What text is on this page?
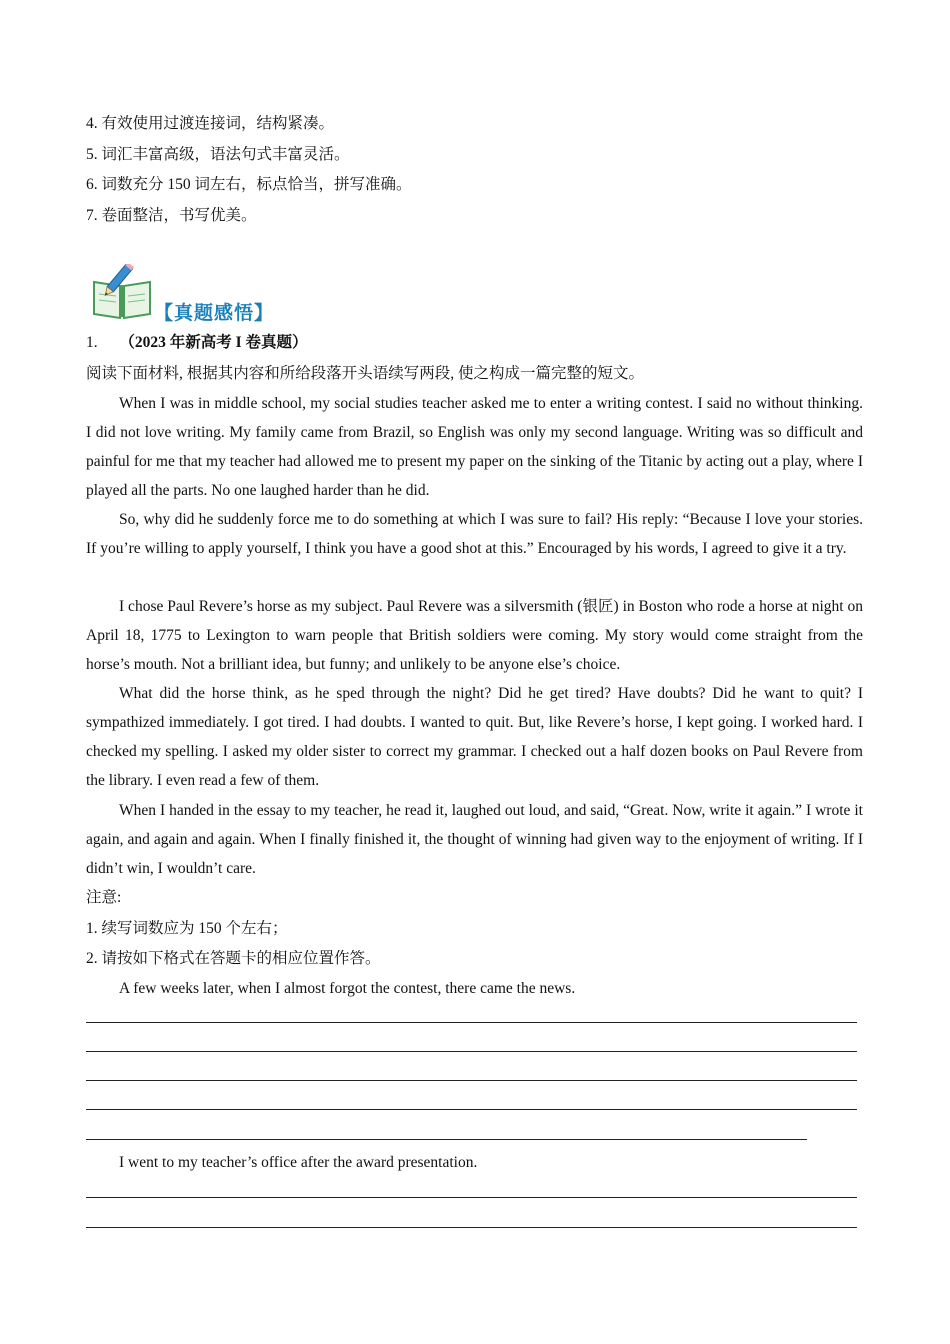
4. 有效使用过渡连接词，结构紧凑。
5. 词汇丰富高级，语法句式丰富灵活。
6. 词数充分 150 词左右，标点恰当，拼写准确。
7. 卷面整洁，书写优美。
【真题感悟】
1. （2023 年新高考 I 卷真题）
阅读下面材料, 根据其内容和所给段落开头语续写两段, 使之构成一篇完整的短文。

When I was in middle school, my social studies teacher asked me to enter a writing contest. I said no without thinking. I did not love writing. My family came from Brazil, so English was only my second language. Writing was so difficult and painful for me that my teacher had allowed me to present my paper on the sinking of the Titanic by acting out a play, where I played all the parts. No one laughed harder than he did.

So, why did he suddenly force me to do something at which I was sure to fail? His reply: “Because I love your stories. If you’re willing to apply yourself, I think you have a good shot at this.” Encouraged by his words, I agreed to give it a try.

I chose Paul Revere’s horse as my subject. Paul Revere was a silversmith (银匠) in Boston who rode a horse at night on April 18, 1775 to Lexington to warn people that British soldiers were coming. My story would come straight from the horse’s mouth. Not a brilliant idea, but funny; and unlikely to be anyone else’s choice.

What did the horse think, as he sped through the night? Did he get tired? Have doubts? Did he want to quit? I sympathized immediately. I got tired. I had doubts. I wanted to quit. But, like Revere’s horse, I kept going. I worked hard. I checked my spelling. I asked my older sister to correct my grammar. I checked out a half dozen books on Paul Revere from the library. I even read a few of them.

When I handed in the essay to my teacher, he read it, laughed out loud, and said, “Great. Now, write it again.” I wrote it again, and again and again. When I finally finished it, the thought of winning had given way to the enjoyment of writing. If I didn’t win, I wouldn’t care.

注意:
1. 续写词数应为 150 个左右；
2. 请按如下格式在答题卡的相应位置作答。
A few weeks later, when I almost forgot the contest, there came the news.
I went to my teacher’s office after the award presentation.
